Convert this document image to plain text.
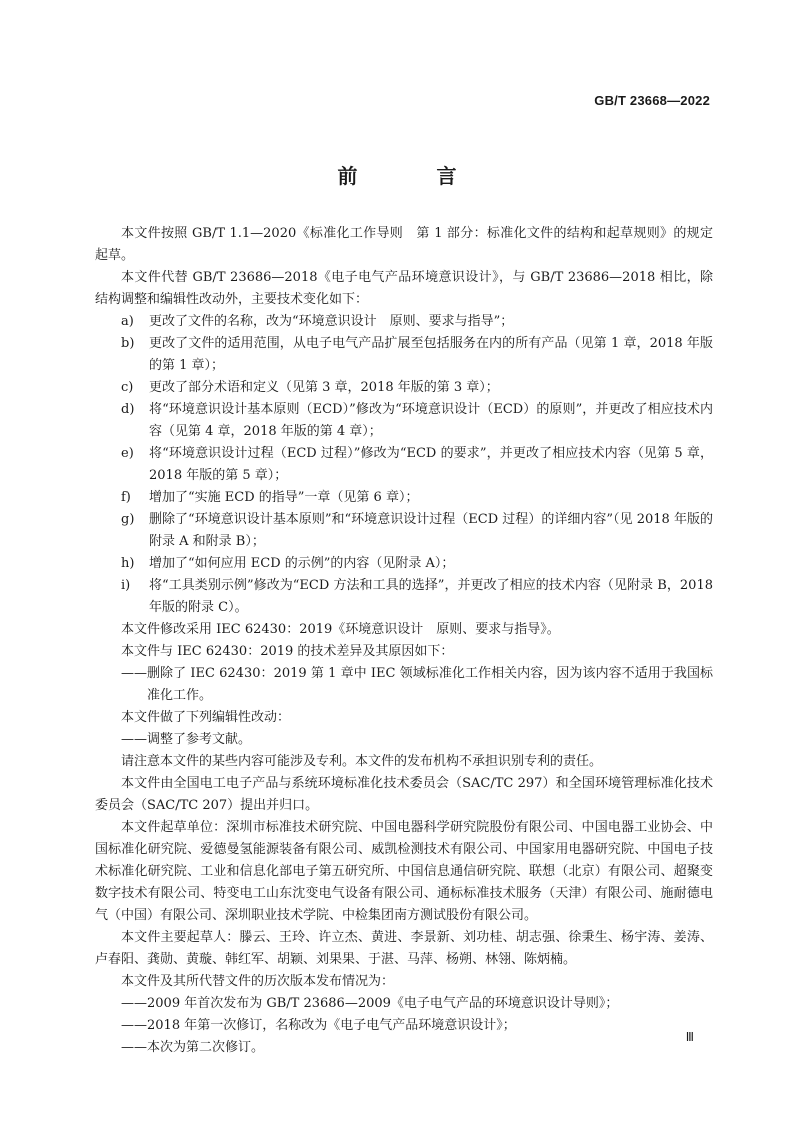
GB/T 23668—2022
前 言

本文件按照 GB/T 1.1—2020《标准化工作导则　第 1 部分：标准化文件的结构和起草规则》的规定起草。

本文件代替 GB/T 23686—2018《电子电气产品环境意识设计》，与 GB/T 23686—2018 相比，除结构调整和编辑性改动外，主要技术变化如下：

a) 更改了文件的名称，改为“环境意识设计　原则、要求与指导”；

b) 更改了文件的适用范围，从电子电气产品扩展至包括服务在内的所有产品（见第 1 章，2018 年版的第 1 章）；

c) 更改了部分术语和定义（见第 3 章，2018 年版的第 3 章）；

d) 将“环境意识设计基本原则（ECD）”修改为“环境意识设计（ECD）的原则”，并更改了相应技术内容（见第 4 章，2018 年版的第 4 章）；

e) 将“环境意识设计过程（ECD 过程）”修改为“ECD 的要求”，并更改了相应技术内容（见第 5 章，2018 年版的第 5 章）；

f) 增加了“实施 ECD 的指导”一章（见第 6 章）；

g) 删除了“环境意识设计基本原则”和“环境意识设计过程（ECD 过程）的详细内容”（见 2018 年版的附录 A 和附录 B）；

h) 增加了“如何应用 ECD 的示例”的内容（见附录 A）；

i) 将“工具类别示例”修改为“ECD 方法和工具的选择”，并更改了相应的技术内容（见附录 B，2018 年版的附录 C）。

本文件修改采用 IEC 62430：2019《环境意识设计　原则、要求与指导》。

本文件与 IEC 62430：2019 的技术差异及其原因如下：

—— 删除了 IEC 62430：2019 第 1 章中 IEC 领域标准化工作相关内容，因为该内容不适用于我国标准化工作。

本文件做了下列编辑性改动：

—— 调整了参考文献。

请注意本文件的某些内容可能涉及专利。本文件的发布机构不承担识别专利的责任。

本文件由全国电工电子产品与系统环境标准化技术委员会（SAC/TC 297）和全国环境管理标准化技术委员会（SAC/TC 207）提出并归口。

本文件起草单位：深圳市标准技术研究院、中国电器科学研究院股份有限公司、中国电器工业协会、中国标准化研究院、爱德曼氢能源装备有限公司、威凯检测技术有限公司、中国家用电器研究院、中国电子技术标准化研究院、工业和信息化部电子第五研究所、中国信息通信研究院、联想（北京）有限公司、超聚变数字技术有限公司、特变电工山东沈变电气设备有限公司、通标标准技术服务（天津）有限公司、施耐德电气（中国）有限公司、深圳职业技术学院、中检集团南方测试股份有限公司。

本文件主要起草人：滕云、王玲、许立杰、黄进、李景新、刘功桂、胡志强、徐秉生、杨宇涛、姜涛、卢春阳、龚勋、黄璇、韩红军、胡颖、刘果果、于湛、马萍、杨朔、林翎、陈炳楠。

本文件及其所代替文件的历次版本发布情况为：

—— 2009 年首次发布为 GB/T 23686—2009《电子电气产品的环境意识设计导则》；

—— 2018 年第一次修订，名称改为《电子电气产品环境意识设计》；

—— 本次为第二次修订。

Ⅲ
